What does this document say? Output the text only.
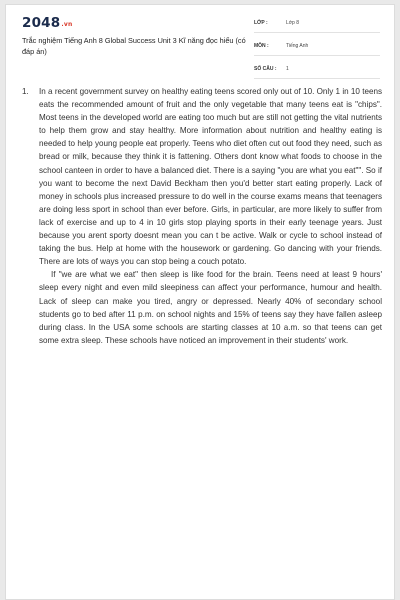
2048.vn
Trắc nghiệm Tiếng Anh 8 Global Success Unit 3 Kĩ năng đọc hiểu (có đáp án)
LỚP :	Lớp 8
MÔN :	Tiếng Anh
SỐ CÂU : 1
1. In a recent government survey on healthy eating teens scored only out of 10. Only 1 in 10 teens eats the recommended amount of fruit and the only vegetable that many teens eat is "chips". Most teens in the developed world are eating too much but are still not getting the vital nutrients to help them grow and stay healthy. More information about nutrition and healthy eating is needed to help young people eat properly. Teens who diet often cut out food they need, such as bread or milk, because they think it is fattening. Others dont know what foods to choose in the school canteen in order to have a balanced diet. There is a saying "you are what you eat"". So if you want to become the next David Beckham then you'd better start eating properly. Lack of money in schools plus increased pressure to do well in the course exams means that teenagers are doing less sport in school than ever before. Girls, in particular, are more likely to suffer from lack of exercise and up to 4 in 10 girls stop playing sports in their early teenage years. Just because you arent sporty doesnt mean you can t be active. Walk or cycle to school instead of taking the bus. Help at home with the housework or gardening. Go dancing with your friends. There are lots of ways you can stop being a couch potato.

If "we are what we eat" then sleep is like food for the brain. Teens need at least 9 hours' sleep every night and even mild sleepiness can affect your performance, humour and health. Lack of sleep can make you tired, angry or depressed. Nearly 40% of secondary school students go to bed after 11 p.m. on school nights and 15% of teens say they have fallen asleep during class. In the USA some schools are starting classes at 10 a.m. so that teens can get some extra sleep. These schools have noticed an improvement in their students' work.
